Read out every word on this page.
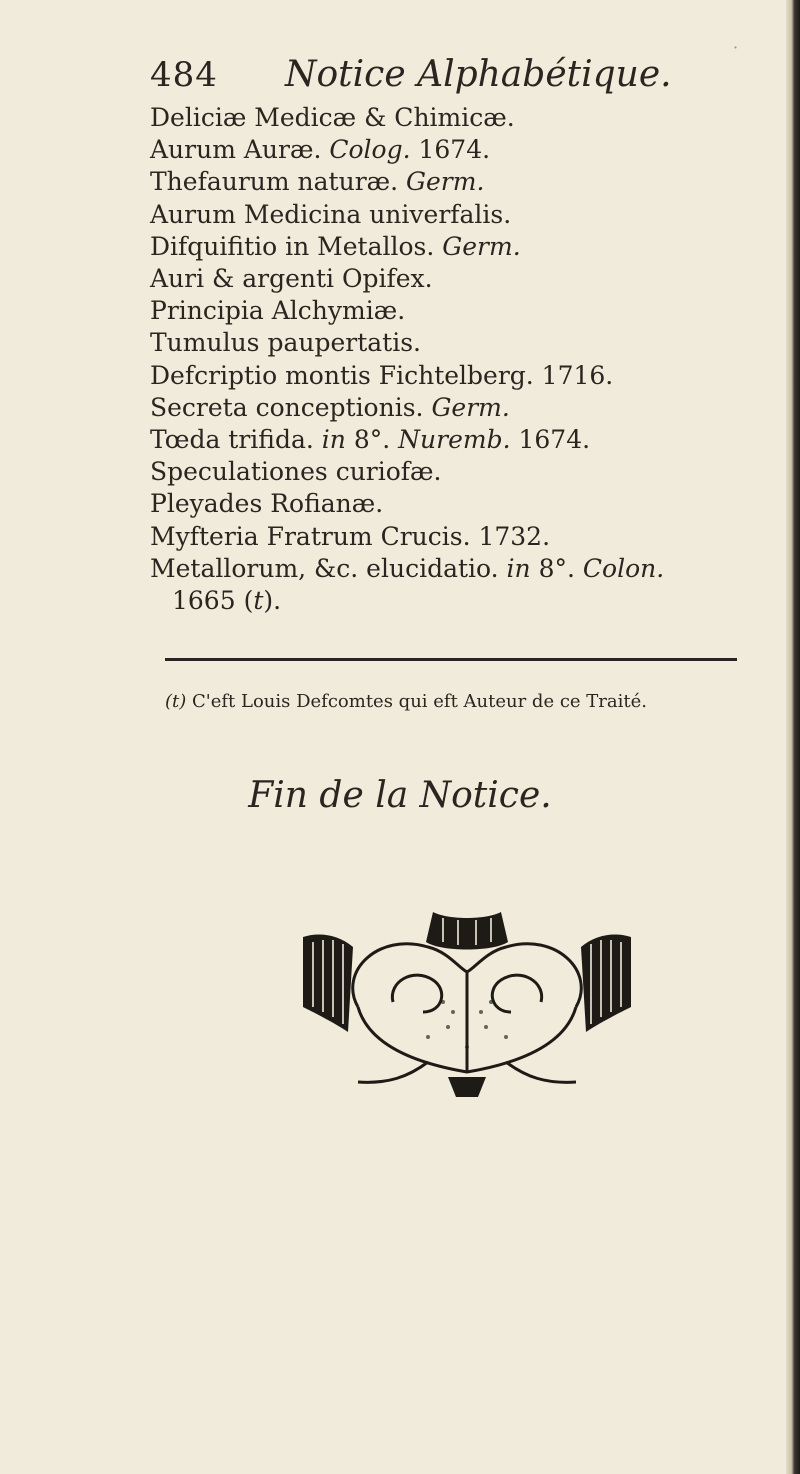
484 Notice Alphabétique.
Deliciæ Medicæ & Chimicæ.
Aurum Auræ. Colog. 1674.
Thefaurum naturæ. Germ.
Aurum Medicina univerfalis.
Difquifitio in Metallos. Germ.
Auri & argenti Opifex.
Principia Alchymiæ.
Tumulus paupertatis.
Defcriptio montis Fichtelberg. 1716.
Secreta conceptionis. Germ.
Tœda trifida. in 8°. Nuremb. 1674.
Speculationes curiofæ.
Pleyades Rofianæ.
Myfteria Fratrum Crucis. 1732.
Metallorum, &c. elucidatio. in 8°. Colon.
1665 (t).
(t) C'eft Louis Defcomtes qui eft Auteur de ce Traité.
Fin de la Notice.
·
